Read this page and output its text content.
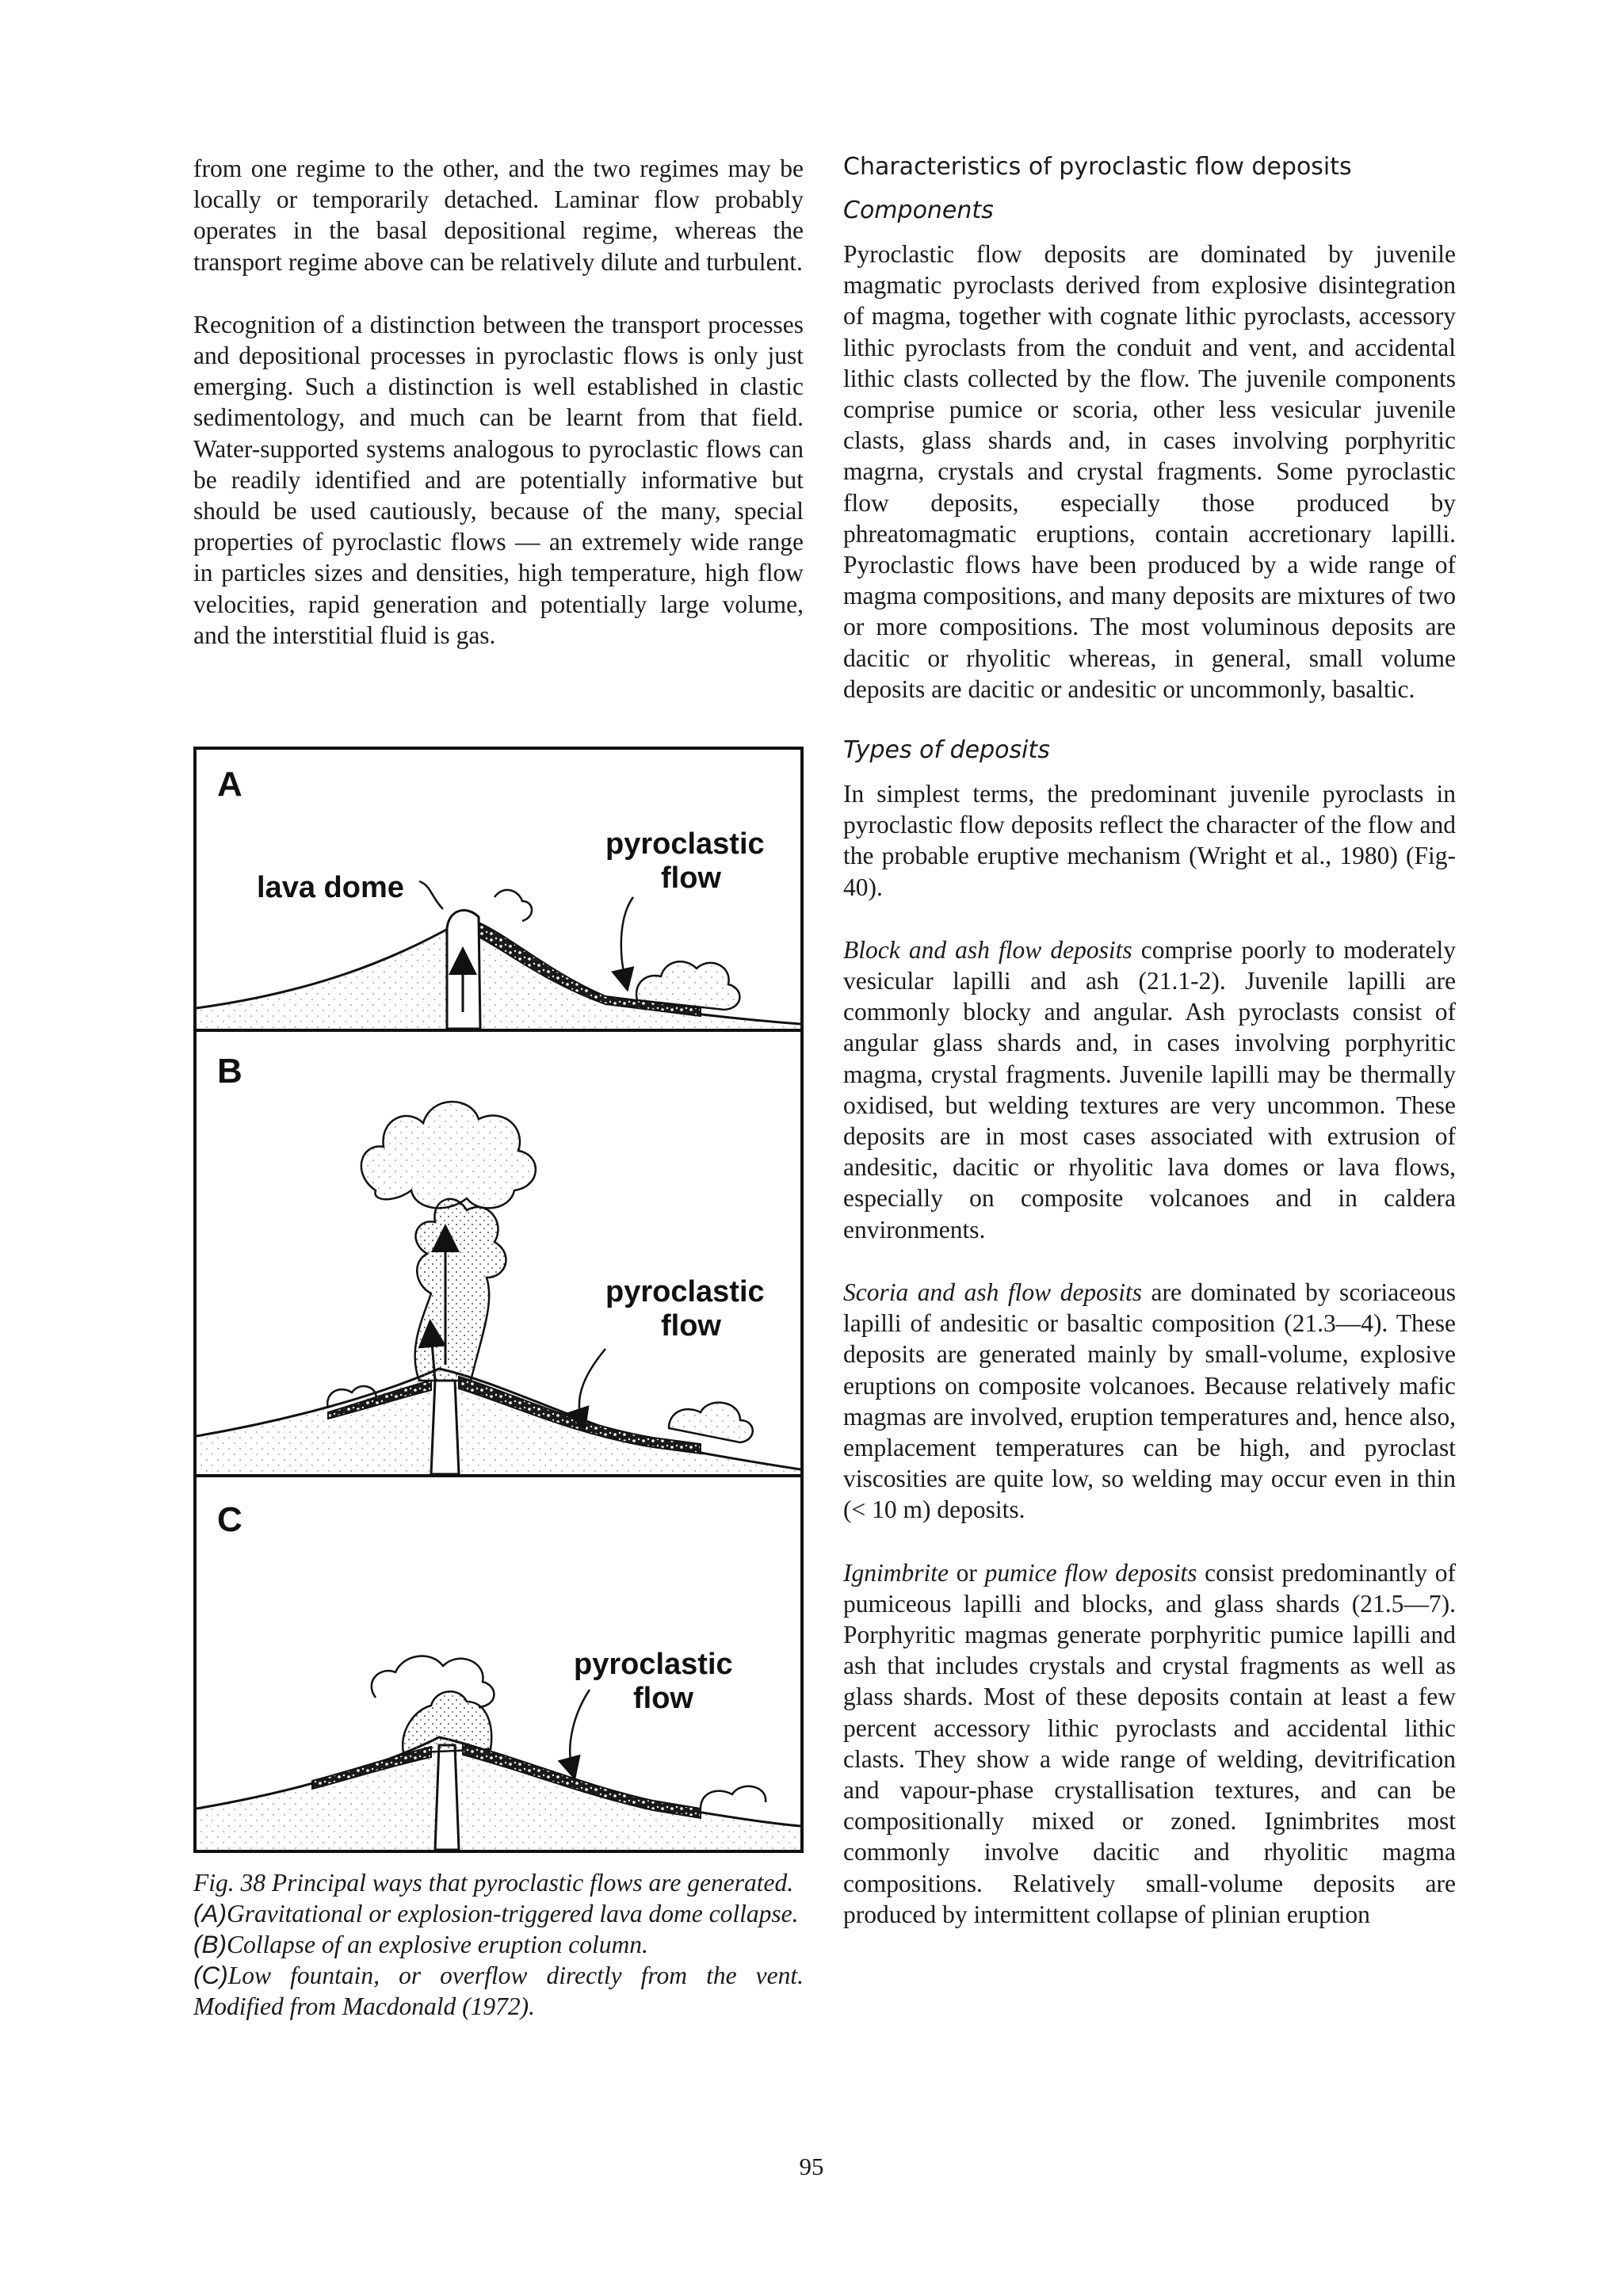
from one regime to the other, and the two regimes may be locally or temporarily detached. Laminar flow probably operates in the basal depositional regime, whereas the transport regime above can be relatively dilute and turbulent.

Recognition of a distinction between the transport processes and depositional processes in pyroclastic flows is only just emerging. Such a distinction is well established in clastic sedimentology, and much can be learnt from that field. Water-supported systems analogous to pyroclastic flows can be readily identified and are potentially informative but should be used cautiously, because of the many, special properties of pyroclastic flows — an extremely wide range in particles sizes and densities, high temperature, high flow velocities, rapid generation and potentially large volume, and the interstitial fluid is gas.

A
lava dome
pyroclastic
flow
B
pyroclastic
flow
C
pyroclastic
flow

Fig. 38 Principal ways that pyroclastic flows are generated.

(A)Gravitational or explosion-triggered lava dome collapse.

(B)Collapse of an explosive eruption column.

(C)Low fountain, or overflow directly from the vent. Modified from Macdonald (1972).

Characteristics of pyroclastic flow deposits
Components

Pyroclastic flow deposits are dominated by juvenile magmatic pyroclasts derived from explosive disintegration of magma, together with cognate lithic pyroclasts, accessory lithic pyroclasts from the conduit and vent, and accidental lithic clasts collected by the flow. The juvenile components comprise pumice or scoria, other less vesicular juvenile clasts, glass shards and, in cases involving porphyritic magrna, crystals and crystal fragments. Some pyroclastic flow deposits, especially those produced by phreatomagmatic eruptions, contain accretionary lapilli. Pyroclastic flows have been produced by a wide range of magma compositions, and many deposits are mixtures of two or more compositions. The most voluminous deposits are dacitic or rhyolitic whereas, in general, small volume deposits are dacitic or andesitic or uncommonly, basaltic.

Types of deposits

In simplest terms, the predominant juvenile pyroclasts in pyroclastic flow deposits reflect the character of the flow and the probable eruptive mechanism (Wright et al., 1980) (Fig- 40).

Block and ash flow deposits comprise poorly to moderately vesicular lapilli and ash (21.1-2). Juvenile lapilli are commonly blocky and angular. Ash pyroclasts consist of angular glass shards and, in cases involving porphyritic magma, crystal fragments. Juvenile lapilli may be thermally oxidised, but welding textures are very uncommon. These deposits are in most cases associated with extrusion of andesitic, dacitic or rhyolitic lava domes or lava flows, especially on composite volcanoes and in caldera environments.

Scoria and ash flow deposits are dominated by scoriaceous lapilli of andesitic or basaltic composition (21.3—4). These deposits are generated mainly by small-volume, explosive eruptions on composite volcanoes. Because relatively mafic magmas are involved, eruption temperatures and, hence also, emplacement temperatures can be high, and pyroclast viscosities are quite low, so welding may occur even in thin (< 10 m) deposits.

Ignimbrite or pumice flow deposits consist predominantly of pumiceous lapilli and blocks, and glass shards (21.5—7). Porphyritic magmas generate porphyritic pumice lapilli and ash that includes crystals and crystal fragments as well as glass shards. Most of these deposits contain at least a few percent accessory lithic pyroclasts and accidental lithic clasts. They show a wide range of welding, devitrification and vapour-phase crystallisation textures, and can be compositionally mixed or zoned. Ignimbrites most commonly involve dacitic and rhyolitic magma compositions. Relatively small-volume deposits are produced by intermittent collapse of plinian eruption

95
